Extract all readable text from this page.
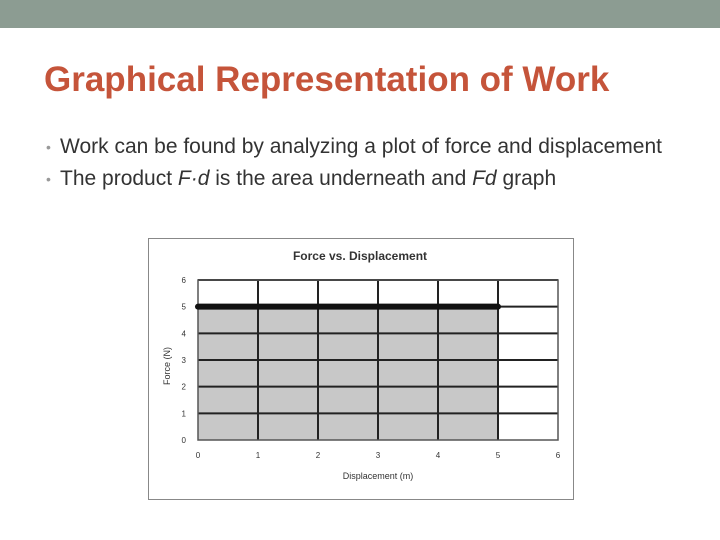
Graphical Representation of Work
• Work can be found by analyzing a plot of force and displacement
• The product F·d is the area underneath and Fd graph
Force vs. Displacement
0	1	2	3	4	5	6
0
1
2
3
4
5
6
Displacement (m)
Force (N)
